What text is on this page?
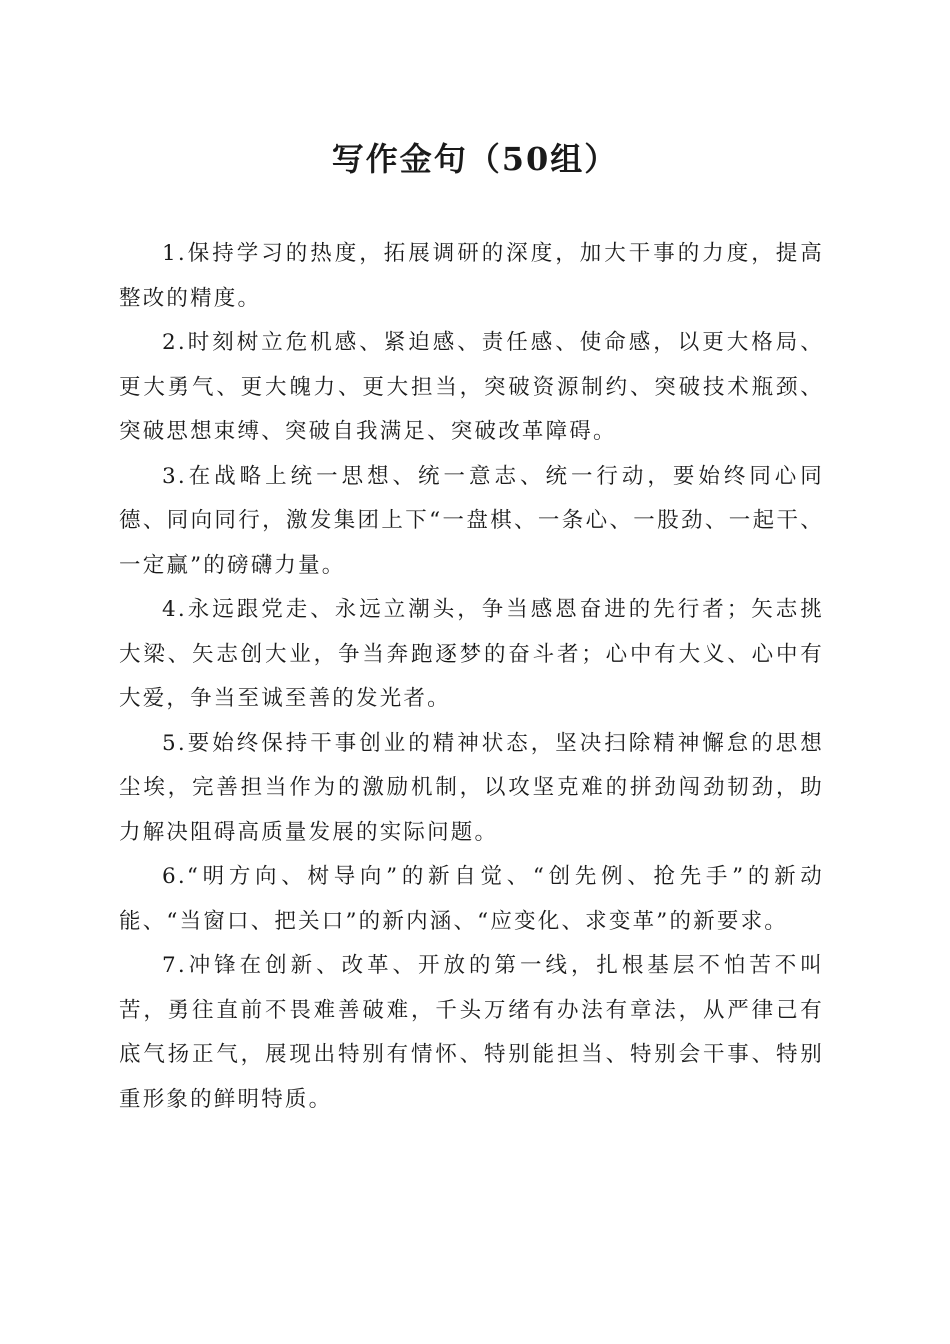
写作金句（50组）

1.保持学习的热度，拓展调研的深度，加大干事的力度，提高整改的精度。

2.时刻树立危机感、紧迫感、责任感、使命感，以更大格局、更大勇气、更大魄力、更大担当，突破资源制约、突破技术瓶颈、突破思想束缚、突破自我满足、突破改革障碍。

3.在战略上统一思想、统一意志、统一行动，要始终同心同德、同向同行，激发集团上下“一盘棋、一条心、一股劲、一起干、一定赢”的磅礴力量。

4.永远跟党走、永远立潮头，争当感恩奋进的先行者；矢志挑大梁、矢志创大业，争当奔跑逐梦的奋斗者；心中有大义、心中有大爱，争当至诚至善的发光者。

5.要始终保持干事创业的精神状态，坚决扫除精神懈怠的思想尘埃，完善担当作为的激励机制，以攻坚克难的拼劲闯劲韧劲，助力解决阻碍高质量发展的实际问题。

6.“明方向、树导向”的新自觉、“创先例、抢先手”的新动能、“当窗口、把关口”的新内涵、“应变化、求变革”的新要求。

7.冲锋在创新、改革、开放的第一线，扎根基层不怕苦不叫苦，勇往直前不畏难善破难，千头万绪有办法有章法，从严律己有底气扬正气，展现出特别有情怀、特别能担当、特别会干事、特别重形象的鲜明特质。
